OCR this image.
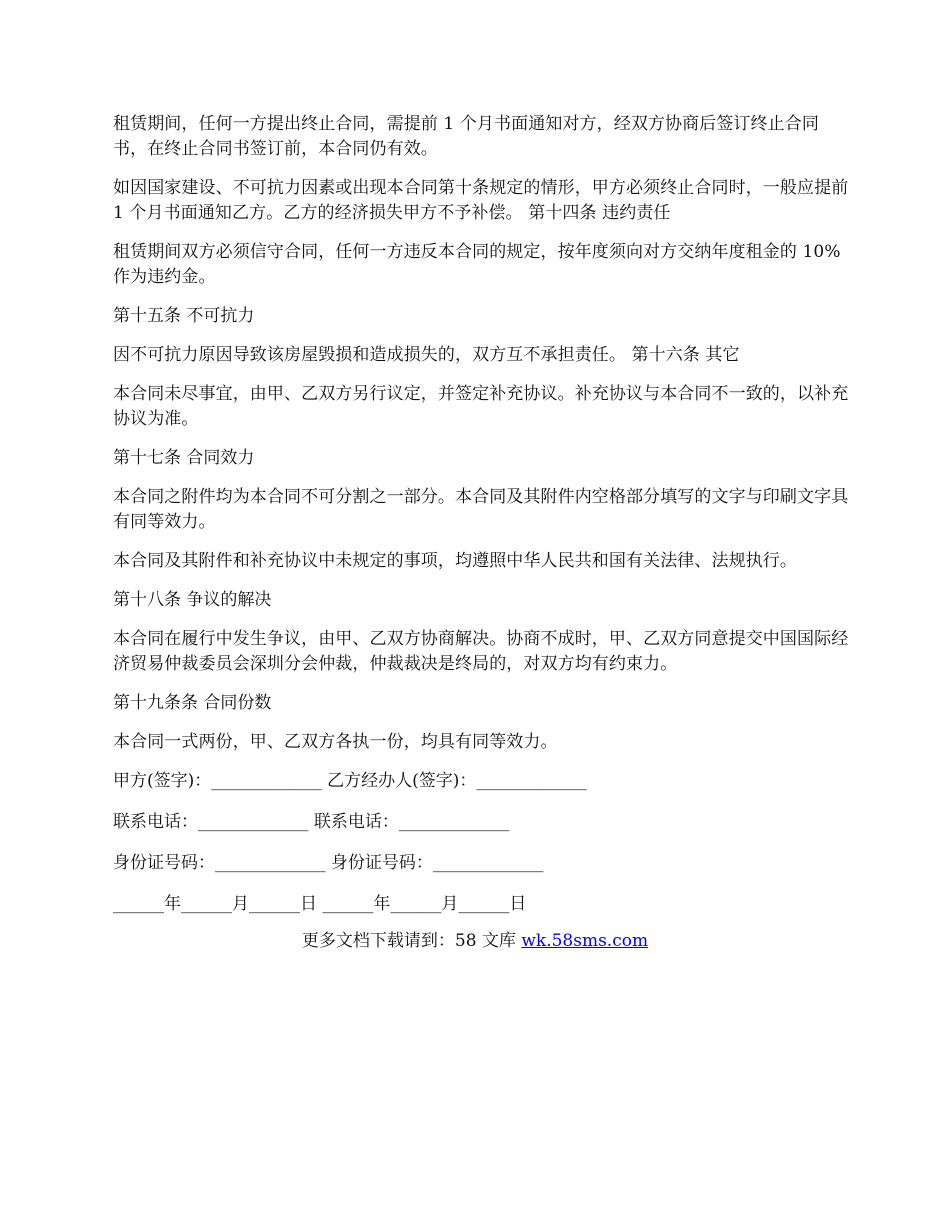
租赁期间，任何一方提出终止合同，需提前 1 个月书面通知对方，经双方协商后签订终止合同书，在终止合同书签订前，本合同仍有效。

如因国家建设、不可抗力因素或出现本合同第十条规定的情形，甲方必须终止合同时，一般应提前 1 个月书面通知乙方。乙方的经济损失甲方不予补偿。 第十四条 违约责任

租赁期间双方必须信守合同，任何一方违反本合同的规定，按年度须向对方交纳年度租金的 10%作为违约金。

第十五条 不可抗力

因不可抗力原因导致该房屋毁损和造成损失的，双方互不承担责任。 第十六条 其它

本合同未尽事宜，由甲、乙双方另行议定，并签定补充协议。补充协议与本合同不一致的，以补充协议为准。

第十七条 合同效力

本合同之附件均为本合同不可分割之一部分。本合同及其附件内空格部分填写的文字与印刷文字具有同等效力。

本合同及其附件和补充协议中未规定的事项，均遵照中华人民共和国有关法律、法规执行。

第十八条 争议的解决

本合同在履行中发生争议，由甲、乙双方协商解决。协商不成时，甲、乙双方同意提交中国国际经济贸易仲裁委员会深圳分会仲裁，仲裁裁决是终局的，对双方均有约束力。

第十九条条 合同份数

本合同一式两份，甲、乙双方各执一份，均具有同等效力。

甲方(签字)：_____________ 乙方经办人(签字)：_____________

联系电话：_____________ 联系电话：_____________

身份证号码：_____________ 身份证号码：_____________

______年______月______日 ______年______月______日

更多文档下载请到：58 文库 wk.58sms.com
